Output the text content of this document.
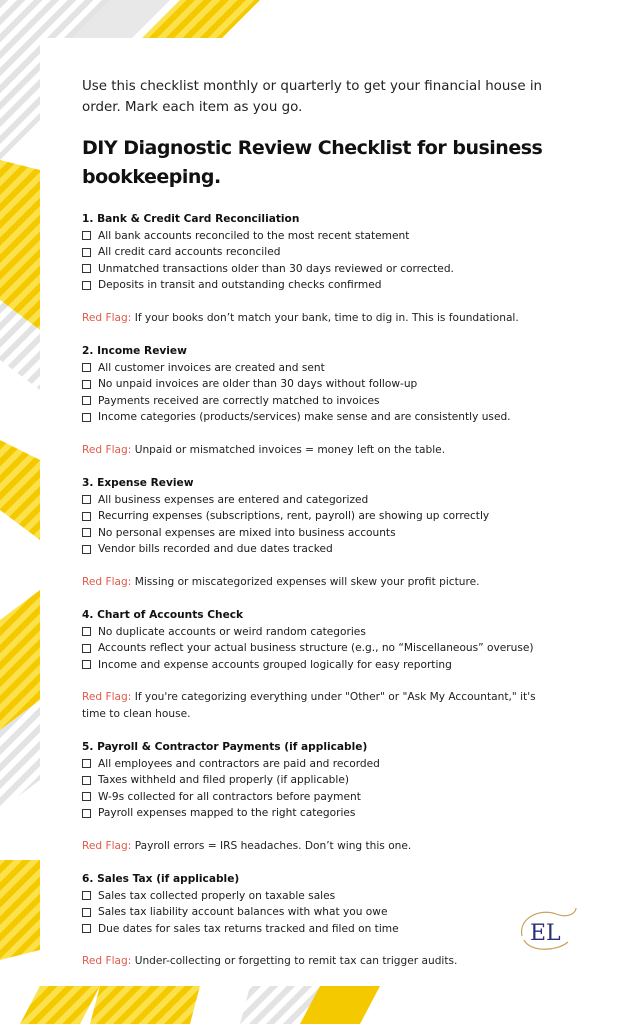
Use this checklist monthly or quarterly to get your financial house in order. Mark each item as you go.

DIY Diagnostic Review Checklist for business bookkeeping.
1. Bank & Credit Card Reconciliation
All bank accounts reconciled to the most recent statement
All credit card accounts reconciled
Unmatched transactions older than 30 days reviewed or corrected.
Deposits in transit and outstanding checks confirmed
Red Flag: If your books don’t match your bank, time to dig in. This is foundational.
2. Income Review
All customer invoices are created and sent
No unpaid invoices are older than 30 days without follow-up
Payments received are correctly matched to invoices
Income categories (products/services) make sense and are consistently used.
Red Flag: Unpaid or mismatched invoices = money left on the table.
3. Expense Review
All business expenses are entered and categorized
Recurring expenses (subscriptions, rent, payroll) are showing up correctly
No personal expenses are mixed into business accounts
Vendor bills recorded and due dates tracked
Red Flag: Missing or miscategorized expenses will skew your profit picture.
4. Chart of Accounts Check
No duplicate accounts or weird random categories
Accounts reflect your actual business structure (e.g., no “Miscellaneous” overuse)
Income and expense accounts grouped logically for easy reporting
Red Flag: If you're categorizing everything under "Other" or "Ask My Accountant," it's time to clean house.
5. Payroll & Contractor Payments (if applicable)
All employees and contractors are paid and recorded
Taxes withheld and filed properly (if applicable)
W-9s collected for all contractors before payment
Payroll expenses mapped to the right categories
Red Flag: Payroll errors = IRS headaches. Don’t wing this one.
6. Sales Tax (if applicable)
Sales tax collected properly on taxable sales
Sales tax liability account balances with what you owe
Due dates for sales tax returns tracked and filed on time
Red Flag: Under-collecting or forgetting to remit tax can trigger audits.
EL
